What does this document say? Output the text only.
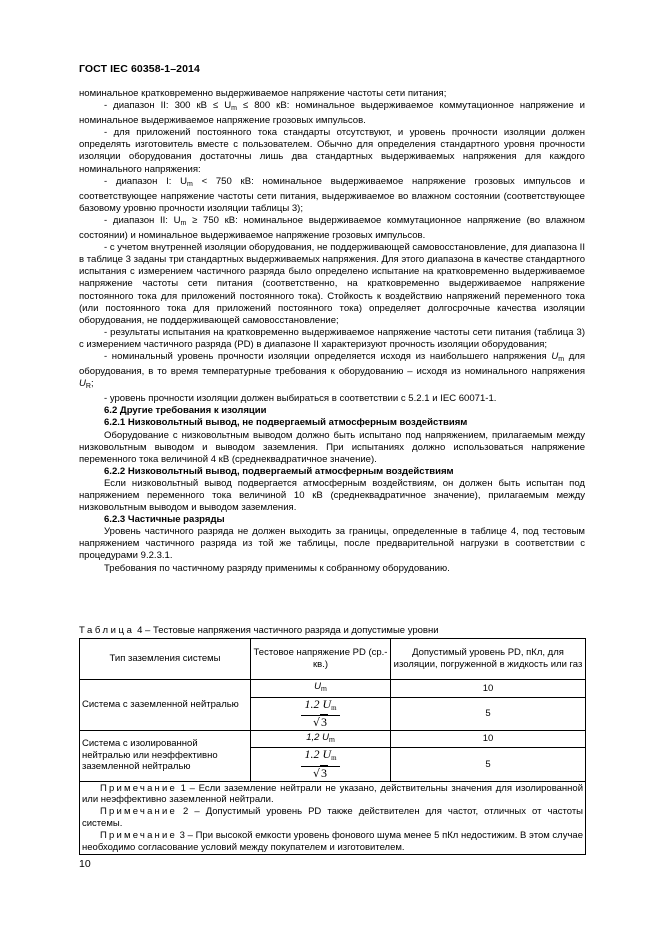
ГОСТ IEC 60358-1–2014

номинальное кратковременно выдерживаемое напряжение частоты сети питания;

- диапазон II: 300 кВ ≤ $U_m \le 800$ кВ: номинальное выдерживаемое коммутационное напряжение и номинальное выдерживаемое напряжение грозовых импульсов.

- для приложений постоянного тока стандарты отсутствуют, и уровень прочности изоляции должен определять изготовитель вместе с пользователем. Обычно для определения стандартного уровня прочности изоляции оборудования достаточны лишь два стандартных выдерживаемых напряжения для каждого номинального напряжения:

- диапазон I: $U_m < 750$ кВ: номинальное выдерживаемое напряжение грозовых импульсов и соответствующее напряжение частоты сети питания, выдерживаемое во влажном состоянии (соответствующее базовому уровню прочности изоляции таблицы 3);

- диапазон II: $U_m \ge 750$ кВ: номинальное выдерживаемое коммутационное напряжение (во влажном состоянии) и номинальное выдерживаемое напряжение грозовых импульсов.

- с учетом внутренней изоляции оборудования, не поддерживающей самовосстановление, для диапазона II в таблице 3 заданы три стандартных выдерживаемых напряжения. Для этого диапазона в качестве стандартного испытания с измерением частичного разряда было определено испытание на кратковременно выдерживаемое напряжение частоты сети питания (соответственно, на кратковременно выдерживаемое напряжение постоянного тока для приложений постоянного тока). Стойкость к воздействию напряжений переменного тока (или постоянного тока для приложений постоянного тока) определяет долгосрочные качества изоляции оборудования, не поддерживающей самовосстановление;

- результаты испытания на кратковременно выдерживаемое напряжение частоты сети питания (таблица 3) с измерением частичного разряда (PD) в диапазоне II характеризуют прочность изоляции оборудования;

- номинальный уровень прочности изоляции определяется исходя из наибольшего напряжения $U_m$ для оборудования, в то время температурные требования к оборудованию – исходя из номинального напряжения $U_R$;

- уровень прочности изоляции должен выбираться в соответствии с 5.2.1 и IEC 60071-1.

6.2 Другие требования к изоляции

6.2.1 Низковольтный вывод, не подвергаемый атмосферным воздействиям

Оборудование с низковольтным выводом должно быть испытано под напряжением, прилагаемым между низковольтным выводом и выводом заземления. При испытаниях должно использоваться напряжение переменного тока величиной 4 кВ (среднеквадратичное значение).

6.2.2 Низковольтный вывод, подвергаемый атмосферным воздействиям

Если низковольтный вывод подвергается атмосферным воздействиям, он должен быть испытан под напряжением переменного тока величиной 10 кВ (среднеквадратичное значение), прилагаемым между низковольтным выводом и выводом заземления.

6.2.3 Частичные разряды

Уровень частичного разряда не должен выходить за границы, определенные в таблице 4, под тестовым напряжением частичного разряда из той же таблицы, после предварительной нагрузки в соответствии с процедурами 9.2.3.1.

Требования по частичному разряду применимы к собранному оборудованию.

Таблица 4 – Тестовые напряжения частичного разряда и допустимые уровни
Тип заземления системы	Тестовое напряжение PD (ср.-кв.)	Допустимый уровень PD, пКл, для изоляции, погруженной в жидкость или газ
Система с заземленной нейтралью	$U_m$	10

	$\frac{1.2 U_m}{√3}$	5
Система с изолированной нейтралью или неэффективно заземленной нейтралью	1,2 $U_m$	10

	$\frac{1.2 U_m}{√3}$	5

Примечание 1 – Если заземление нейтрали не указано, действительны значения для изолированной или неэффективно заземленной нейтрали.

Примечание 2 – Допустимый уровень PD также действителен для частот, отличных от частоты системы.

Примечание 3 – При высокой емкости уровень фонового шума менее 5 пКл недостижим. В этом случае необходимо согласование условий между покупателем и изготовителем.		

10
